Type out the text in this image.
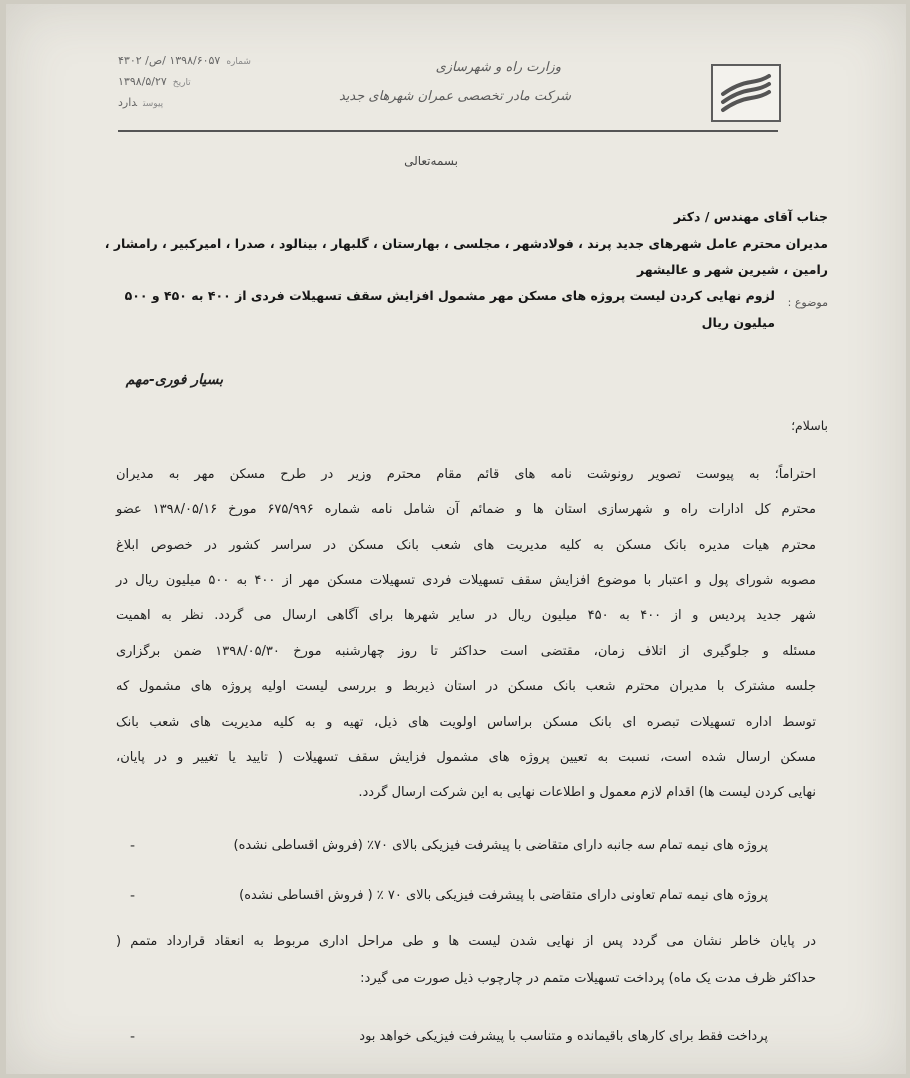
وزارت راه و شهرسازی
شرکت مادر تخصصی عمران شهرهای جدید
شماره۱۳۹۸/۶۰۵۷ /ص/ ۴۳۰۲
تاریخ۱۳۹۸/۵/۲۷
پیوستدارد
بسمه‌تعالی
جناب آقای مهندس / دکتر
مدیران محترم عامل شهرهای جدید پرند ، فولادشهر ، مجلسی ، بهارستان ، گلبهار ، بینالود ، صدرا ، امیرکبیر ، رامشار ،
رامین ، شیرین شهر و عالیشهر
موضوع :
لزوم نهایی کردن لیست پروژه های مسکن مهر مشمول افزایش سقف تسهیلات فردی از ۴۰۰ به ۴۵۰ و ۵۰۰
میلیون ریال
بسیار فوری-مهم
باسلام؛
احتراماً؛ به پیوست تصویر رونوشت نامه های قائم مقام محترم وزیر در طرح مسکن مهر به مدیران
محترم کل ادارات راه و شهرسازی استان ها و ضمائم آن شامل نامه شماره ۶۷۵/۹۹۶ مورخ ۱۳۹۸/۰۵/۱۶ عضو
محترم هیات مدیره بانک مسکن به کلیه مدیریت های شعب بانک مسکن در سراسر کشور در خصوص ابلاغ
مصوبه شورای پول و اعتبار با موضوع افزایش سقف تسهیلات فردی تسهیلات مسکن مهر از ۴۰۰ به ۵۰۰ میلیون ریال در
شهر جدید پردیس و از ۴۰۰ به ۴۵۰ میلیون ریال در سایر شهرها برای آگاهی ارسال می گردد. نظر به اهمیت
مسئله و جلوگیری از اتلاف زمان، مقتضی است حداکثر تا روز چهارشنبه مورخ ۱۳۹۸/۰۵/۳۰ ضمن برگزاری
جلسه مشترک با مدیران محترم شعب بانک مسکن در استان ذیربط و بررسی لیست اولیه پروژه های مشمول که
توسط اداره تسهیلات تبصره ای بانک مسکن براساس اولویت های ذیل، تهیه و به کلیه مدیریت های شعب بانک
مسکن ارسال شده است، نسبت به تعیین پروژه های مشمول فزایش سقف تسهیلات ( تایید یا تغییر و در پایان،
نهایی کردن لیست ها) اقدام لازم معمول و اطلاعات نهایی به این شرکت ارسال گردد.
-	پروژه های نیمه تمام سه جانبه دارای متقاضی با پیشرفت فیزیکی بالای ۷۰٪ (فروش اقساطی نشده)
-	پروژه های نیمه تمام تعاونی دارای متقاضی با پیشرفت فیزیکی بالای ۷۰ ٪ ( فروش اقساطی نشده)
در پایان خاطر نشان می گردد پس از نهایی شدن لیست ها و طی مراحل اداری مربوط به انعقاد قرارداد متمم (
حداکثر ظرف مدت یک ماه) پرداخت تسهیلات متمم در چارچوب ذیل صورت می گیرد:
-	پرداخت فقط برای کارهای باقیمانده و متناسب با پیشرفت فیزیکی خواهد بود
